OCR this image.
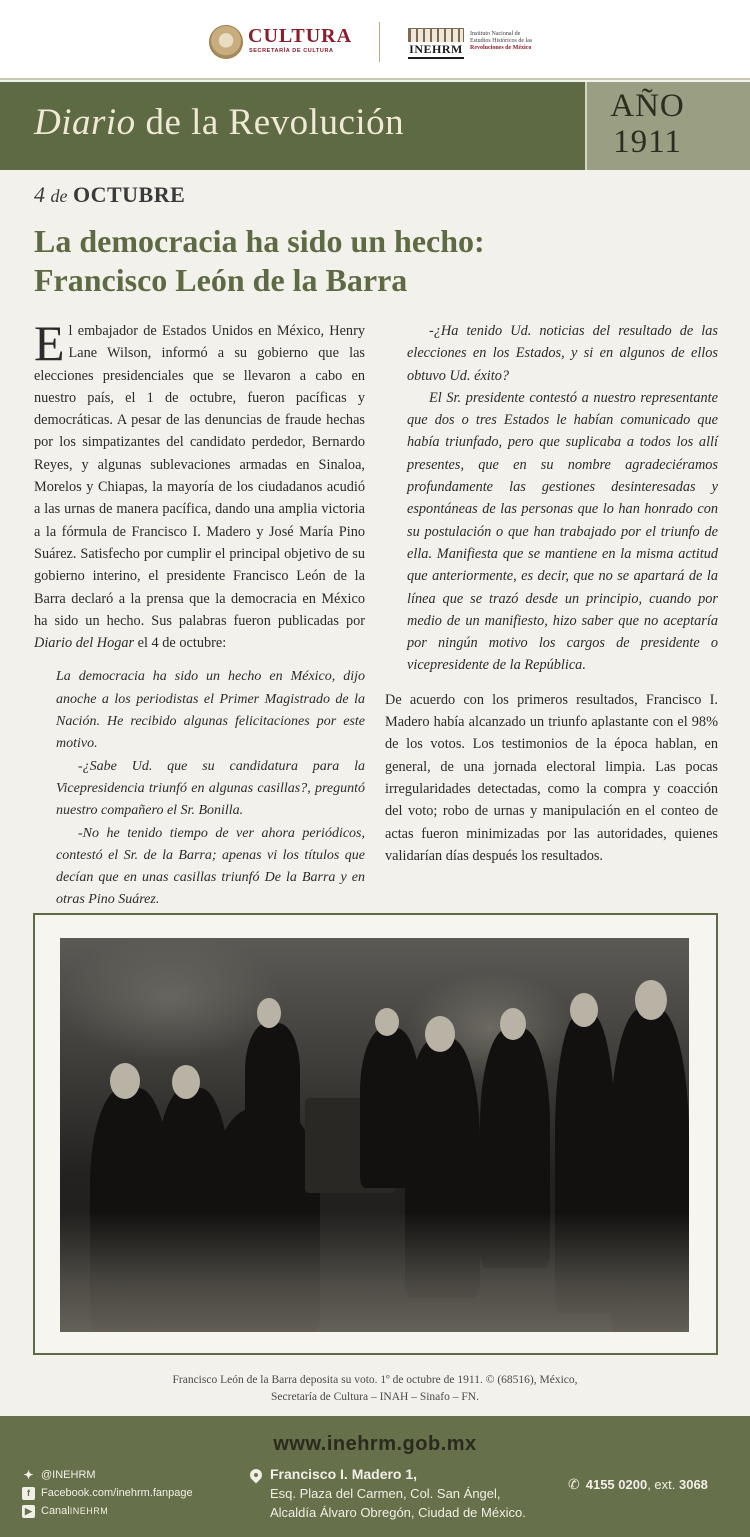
CULTURA
SECRETARÍA DE CULTURA	INEHRM
Instituto Nacional de
Estudios Históricos de las
Revoluciones de México
Diario de la Revolución	AÑO
1911
4 de OCTUBRE
La democracia ha sido un hecho:
Francisco León de la Barra

El embajador de Estados Unidos en México, Henry Lane Wilson, informó a su gobierno que las elecciones presidenciales que se llevaron a cabo en nuestro país, el 1 de octubre, fueron pacíficas y democráticas. A pesar de las denuncias de fraude hechas por los simpatizantes del candidato perdedor, Bernardo Reyes, y algunas sublevaciones armadas en Sinaloa, Morelos y Chiapas, la mayoría de los ciudadanos acudió a las urnas de manera pacífica, dando una amplia victoria a la fórmula de Francisco I. Madero y José María Pino Suárez. Satisfecho por cumplir el principal objetivo de su gobierno interino, el presidente Francisco León de la Barra declaró a la prensa que la democracia en México ha sido un hecho. Sus palabras fueron publicadas por Diario del Hogar el 4 de octubre:

La democracia ha sido un hecho en México, dijo anoche a los periodistas el Primer Magistrado de la Nación. He recibido algunas felicitaciones por este motivo.

-¿Sabe Ud. que su candidatura para la Vicepresidencia triunfó en algunas casillas?, preguntó nuestro compañero el Sr. Bonilla.

-No he tenido tiempo de ver ahora periódicos, contestó el Sr. de la Barra; apenas vi los títulos que decían que en unas casillas triunfó De la Barra y en otras Pino Suárez.

-¿Ha tenido Ud. noticias del resultado de las elecciones en los Estados, y si en algunos de ellos obtuvo Ud. éxito?

El Sr. presidente contestó a nuestro representante que dos o tres Estados le habían comunicado que había triunfado, pero que suplicaba a todos los allí presentes, que en su nombre agradeciéramos profundamente las gestiones desinteresadas y espontáneas de las personas que lo han honrado con su postulación o que han trabajado por el triunfo de ella. Manifiesta que se mantiene en la misma actitud que anteriormente, es decir, que no se apartará de la línea que se trazó desde un principio, cuando por medio de un manifiesto, hizo saber que no aceptaría por ningún motivo los cargos de presidente o vicepresidente de la República.

De acuerdo con los primeros resultados, Francisco I. Madero había alcanzado un triunfo aplastante con el 98% de los votos. Los testimonios de la época hablan, en general, de una jornada electoral limpia. Las pocas irregularidades detectadas, como la compra y coacción del voto; robo de urnas y manipulación en el conteo de actas fueron minimizadas por las autoridades, quienes validarían días después los resultados.

Francisco León de la Barra deposita su voto. 1º de octubre de 1911. © (68516), México,
Secretaría de Cultura – INAH – Sinafo – FN.
www.inehrm.gob.mx
✦ @INEHRM
f	Facebook.com/inehrm.fanpage
▶ Canal INEHRM
Francisco I. Madero 1,
Esq. Plaza del Carmen, Col. San Ángel,
Alcaldía Álvaro Obregón, Ciudad de México.
✆ 4155 0200, ext. 3068
